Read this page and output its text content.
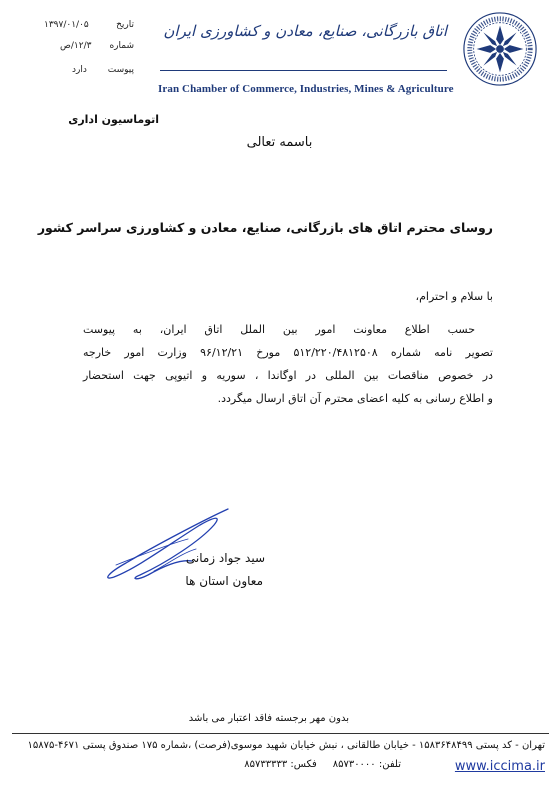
اتاق بازرگانی، صنایع، معادن و کشاورزی ایران
Iran Chamber of Commerce, Industries, Mines & Agriculture
تاریخ
۱۳۹۷/۰۱/۰۵
شماره
۱۲/۳/ص
پیوست
دارد
اتوماسیون اداری
باسمه تعالی
روسای محترم اتاق های بازرگانی، صنایع، معادن و کشاورزی سراسر کشور
با سلام و احترام،
حسب اطلاع معاونت امور بین الملل اتاق ایران، به پیوست
تصویر نامه شماره ۵۱۲/۲۲۰/۴۸۱۲۵۰۸ مورخ ۹۶/۱۲/۲۱ وزارت امور خارجه
در خصوص مناقصات بین المللی در اوگاندا ، سوریه و اتیوپی جهت استحضار
و اطلاع رسانی به کلیه اعضای محترم آن اتاق ارسال میگردد.
سید جواد زمانی
معاون استان ها
بدون مهر برجسته فاقد اعتبار می باشد
تهران - کد پستی ۱۵۸۳۶۴۸۴۹۹ - خیابان طالقانی ، نبش خیابان شهید موسوی(فرصت) ،شماره ۱۷۵ صندوق پستی ۴۶۷۱-۱۵۸۷۵
www.iccima.ir
تلفن: ۸۵۷۳۰۰۰۰     فکس: ۸۵۷۳۳۳۳۳
